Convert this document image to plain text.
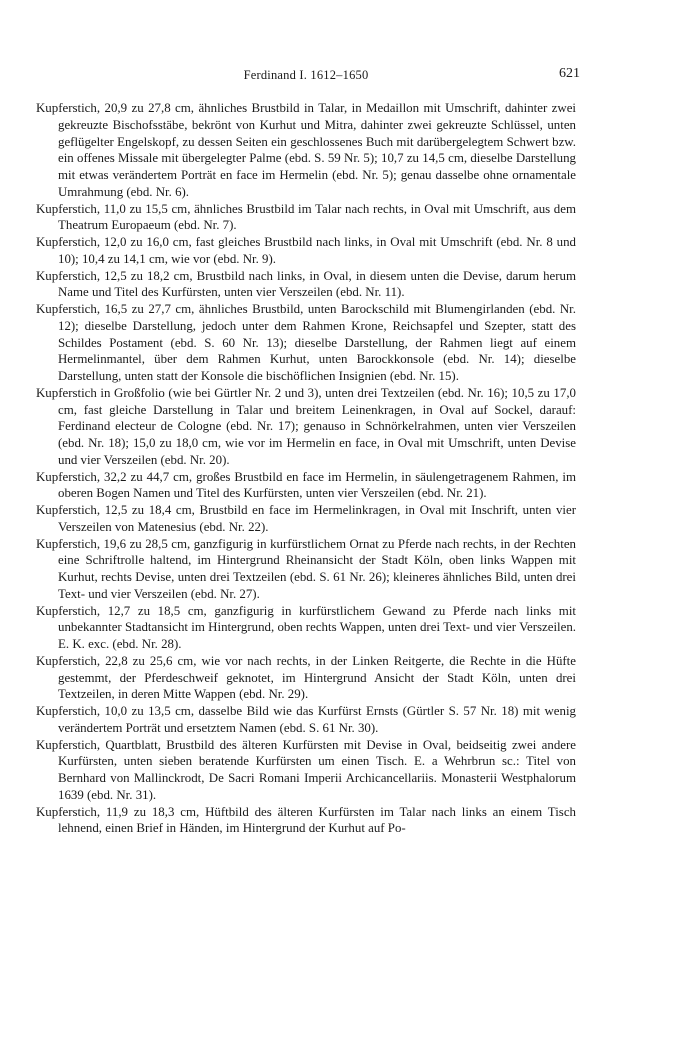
Ferdinand I. 1612–1650	621

Kupferstich, 20,9 zu 27,8 cm, ähnliches Brustbild in Talar, in Medaillon mit Umschrift, dahinter zwei gekreuzte Bischofsstäbe, bekrönt von Kurhut und Mitra, dahinter zwei gekreuzte Schlüssel, unten geflügelter Engelskopf, zu dessen Seiten ein geschlossenes Buch mit darübergelegtem Schwert bzw. ein offenes Missale mit übergelegter Palme (ebd. S. 59 Nr. 5); 10,7 zu 14,5 cm, dieselbe Darstellung mit etwas verändertem Porträt en face im Hermelin (ebd. Nr. 5); genau dasselbe ohne ornamentale Umrahmung (ebd. Nr. 6).

Kupferstich, 11,0 zu 15,5 cm, ähnliches Brustbild im Talar nach rechts, in Oval mit Umschrift, aus dem Theatrum Europaeum (ebd. Nr. 7).

Kupferstich, 12,0 zu 16,0 cm, fast gleiches Brustbild nach links, in Oval mit Umschrift (ebd. Nr. 8 und 10); 10,4 zu 14,1 cm, wie vor (ebd. Nr. 9).

Kupferstich, 12,5 zu 18,2 cm, Brustbild nach links, in Oval, in diesem unten die Devise, darum herum Name und Titel des Kurfürsten, unten vier Verszeilen (ebd. Nr. 11).

Kupferstich, 16,5 zu 27,7 cm, ähnliches Brustbild, unten Barockschild mit Blumengirlanden (ebd. Nr. 12); dieselbe Darstellung, jedoch unter dem Rahmen Krone, Reichsapfel und Szepter, statt des Schildes Postament (ebd. S. 60 Nr. 13); dieselbe Darstellung, der Rahmen liegt auf einem Hermelinmantel, über dem Rahmen Kurhut, unten Barockkonsole (ebd. Nr. 14); dieselbe Darstellung, unten statt der Konsole die bischöflichen Insignien (ebd. Nr. 15).

Kupferstich in Großfolio (wie bei Gürtler Nr. 2 und 3), unten drei Textzeilen (ebd. Nr. 16); 10,5 zu 17,0 cm, fast gleiche Darstellung in Talar und breitem Leinenkragen, in Oval auf Sockel, darauf: Ferdinand electeur de Cologne (ebd. Nr. 17); genauso in Schnörkelrahmen, unten vier Verszeilen (ebd. Nr. 18); 15,0 zu 18,0 cm, wie vor im Hermelin en face, in Oval mit Umschrift, unten Devise und vier Verszeilen (ebd. Nr. 20).

Kupferstich, 32,2 zu 44,7 cm, großes Brustbild en face im Hermelin, in säulengetragenem Rahmen, im oberen Bogen Namen und Titel des Kurfürsten, unten vier Verszeilen (ebd. Nr. 21).

Kupferstich, 12,5 zu 18,4 cm, Brustbild en face im Hermelinkragen, in Oval mit Inschrift, unten vier Verszeilen von Matenesius (ebd. Nr. 22).

Kupferstich, 19,6 zu 28,5 cm, ganzfigurig in kurfürstlichem Ornat zu Pferde nach rechts, in der Rechten eine Schriftrolle haltend, im Hintergrund Rheinansicht der Stadt Köln, oben links Wappen mit Kurhut, rechts Devise, unten drei Textzeilen (ebd. S. 61 Nr. 26); kleineres ähnliches Bild, unten drei Text- und vier Verszeilen (ebd. Nr. 27).

Kupferstich, 12,7 zu 18,5 cm, ganzfigurig in kurfürstlichem Gewand zu Pferde nach links mit unbekannter Stadtansicht im Hintergrund, oben rechts Wappen, unten drei Text- und vier Verszeilen. E. K. exc. (ebd. Nr. 28).

Kupferstich, 22,8 zu 25,6 cm, wie vor nach rechts, in der Linken Reitgerte, die Rechte in die Hüfte gestemmt, der Pferdeschweif geknotet, im Hintergrund Ansicht der Stadt Köln, unten drei Textzeilen, in deren Mitte Wappen (ebd. Nr. 29).

Kupferstich, 10,0 zu 13,5 cm, dasselbe Bild wie das Kurfürst Ernsts (Gürtler S. 57 Nr. 18) mit wenig verändertem Porträt und ersetztem Namen (ebd. S. 61 Nr. 30).

Kupferstich, Quartblatt, Brustbild des älteren Kurfürsten mit Devise in Oval, beidseitig zwei andere Kurfürsten, unten sieben beratende Kurfürsten um einen Tisch. E. a Wehrbrun sc.: Titel von Bernhard von Mallinckrodt, De Sacri Romani Imperii Archicancellariis. Monasterii Westphalorum 1639 (ebd. Nr. 31).

Kupferstich, 11,9 zu 18,3 cm, Hüftbild des älteren Kurfürsten im Talar nach links an einem Tisch lehnend, einen Brief in Händen, im Hintergrund der Kurhut auf Po-
